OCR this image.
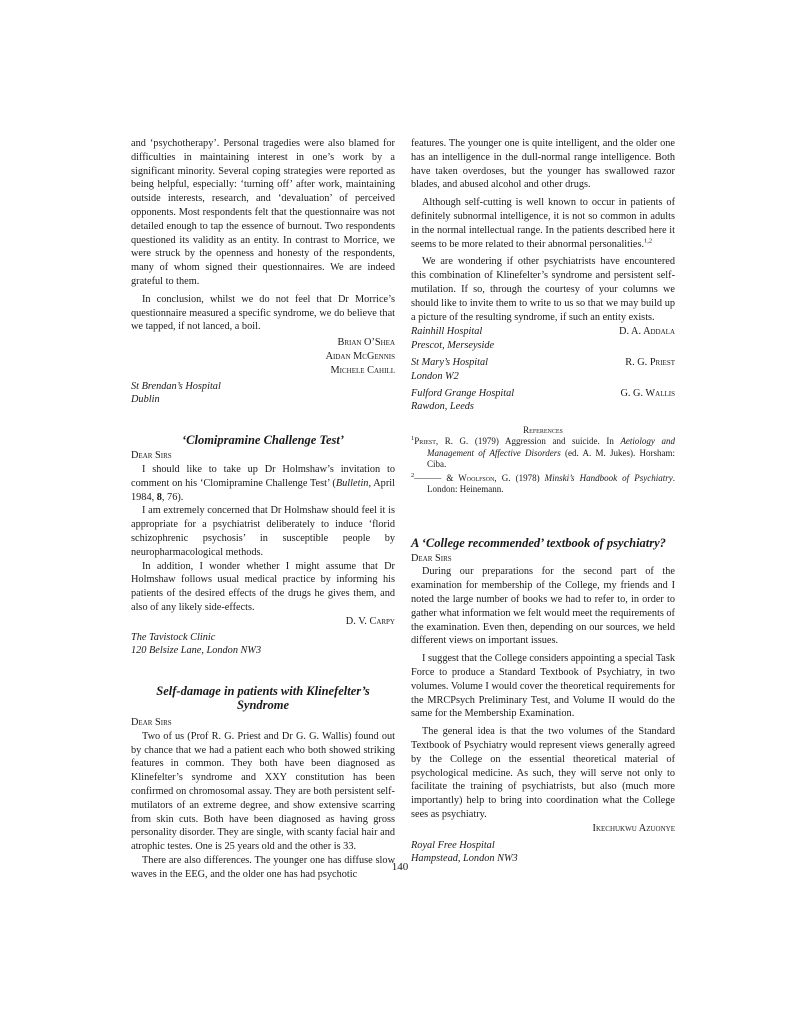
and ‘psychotherapy’. Personal tragedies were also blamed for difficulties in maintaining interest in one’s work by a significant minority. Several coping strategies were reported as being helpful, especially: ‘turning off’ after work, maintaining outside interests, research, and ‘devaluation’ of perceived opponents. Most respondents felt that the questionnaire was not detailed enough to tap the essence of burnout. Two respondents questioned its validity as an entity. In contrast to Morrice, we were struck by the openness and honesty of the respondents, many of whom signed their questionnaires. We are indeed grateful to them.

In conclusion, whilst we do not feel that Dr Morrice’s questionnaire measured a specific syndrome, we do believe that we tapped, if not lanced, a boil.

Brian O’Shea
Aidan McGennis
Michele Cahill
St Brendan’s Hospital
Dublin
‘Clomipramine Challenge Test’
Dear Sirs

I should like to take up Dr Holmshaw’s invitation to comment on his ‘Clomipramine Challenge Test’ (Bulletin, April 1984, 8, 76).

I am extremely concerned that Dr Holmshaw should feel it is appropriate for a psychiatrist deliberately to induce ‘florid schizophrenic psychosis’ in susceptible people by neuropharmacological methods.

In addition, I wonder whether I might assume that Dr Holmshaw follows usual medical practice by informing his patients of the desired effects of the drugs he gives them, and also of any likely side-effects.

D. V. Carpy
The Tavistock Clinic
120 Belsize Lane, London NW3
Self-damage in patients with Klinefelter’s
Syndrome
Dear Sirs

Two of us (Prof R. G. Priest and Dr G. G. Wallis) found out by chance that we had a patient each who both showed striking features in common. They both have been diagnosed as Klinefelter’s syndrome and XXY constitution has been confirmed on chromosomal assay. They are both persistent self-mutilators of an extreme degree, and show extensive scarring from skin cuts. Both have been diagnosed as having gross personality disorder. They are single, with scanty facial hair and atrophic testes. One is 25 years old and the other is 33.

There are also differences. The younger one has diffuse slow waves in the EEG, and the older one has had psychotic

features. The younger one is quite intelligent, and the older one has an intelligence in the dull-normal range intelligence. Both have taken overdoses, but the younger has swallowed razor blades, and abused alcohol and other drugs.

Although self-cutting is well known to occur in patients of definitely subnormal intelligence, it is not so common in adults in the normal intellectual range. In the patients described here it seems to be more related to their abnormal personalities.$^{1,2}$

We are wondering if other psychiatrists have encountered this combination of Klinefelter’s syndrome and persistent self-mutilation. If so, through the courtesy of your columns we should like to invite them to write to us so that we may build up a picture of the resulting syndrome, if such an entity exists.

Rainhill Hospital	D. A. Addala
Prescot, Merseyside
St Mary’s Hospital	R. G. Priest
London W2
Fulford Grange Hospital	G. G. Wallis
Rawdon, Leeds
References
$^1$Priest, R. G. (1979) Aggression and suicide. In Aetiology and Management of Affective Disorders (ed. A. M. Jukes). Horsham: Ciba.
$^2$——— & Woolfson, G. (1978) Minski’s Handbook of Psychiatry. London: Heinemann.
A ‘College recommended’ textbook of psychiatry?
Dear Sirs

During our preparations for the second part of the examination for membership of the College, my friends and I noted the large number of books we had to refer to, in order to gather what information we felt would meet the requirements of the examination. Even then, depending on our sources, we held different views on important issues.

I suggest that the College considers appointing a special Task Force to produce a Standard Textbook of Psychiatry, in two volumes. Volume I would cover the theoretical requirements for the MRCPsych Preliminary Test, and Volume II would do the same for the Membership Examination.

The general idea is that the two volumes of the Standard Textbook of Psychiatry would represent views generally agreed by the College on the essential theoretical material of psychological medicine. As such, they will serve not only to facilitate the training of psychiatrists, but also (much more importantly) help to bring into coordination what the College sees as psychiatry.

Ikechukwu Azuonye
Royal Free Hospital
Hampstead, London NW3
140
